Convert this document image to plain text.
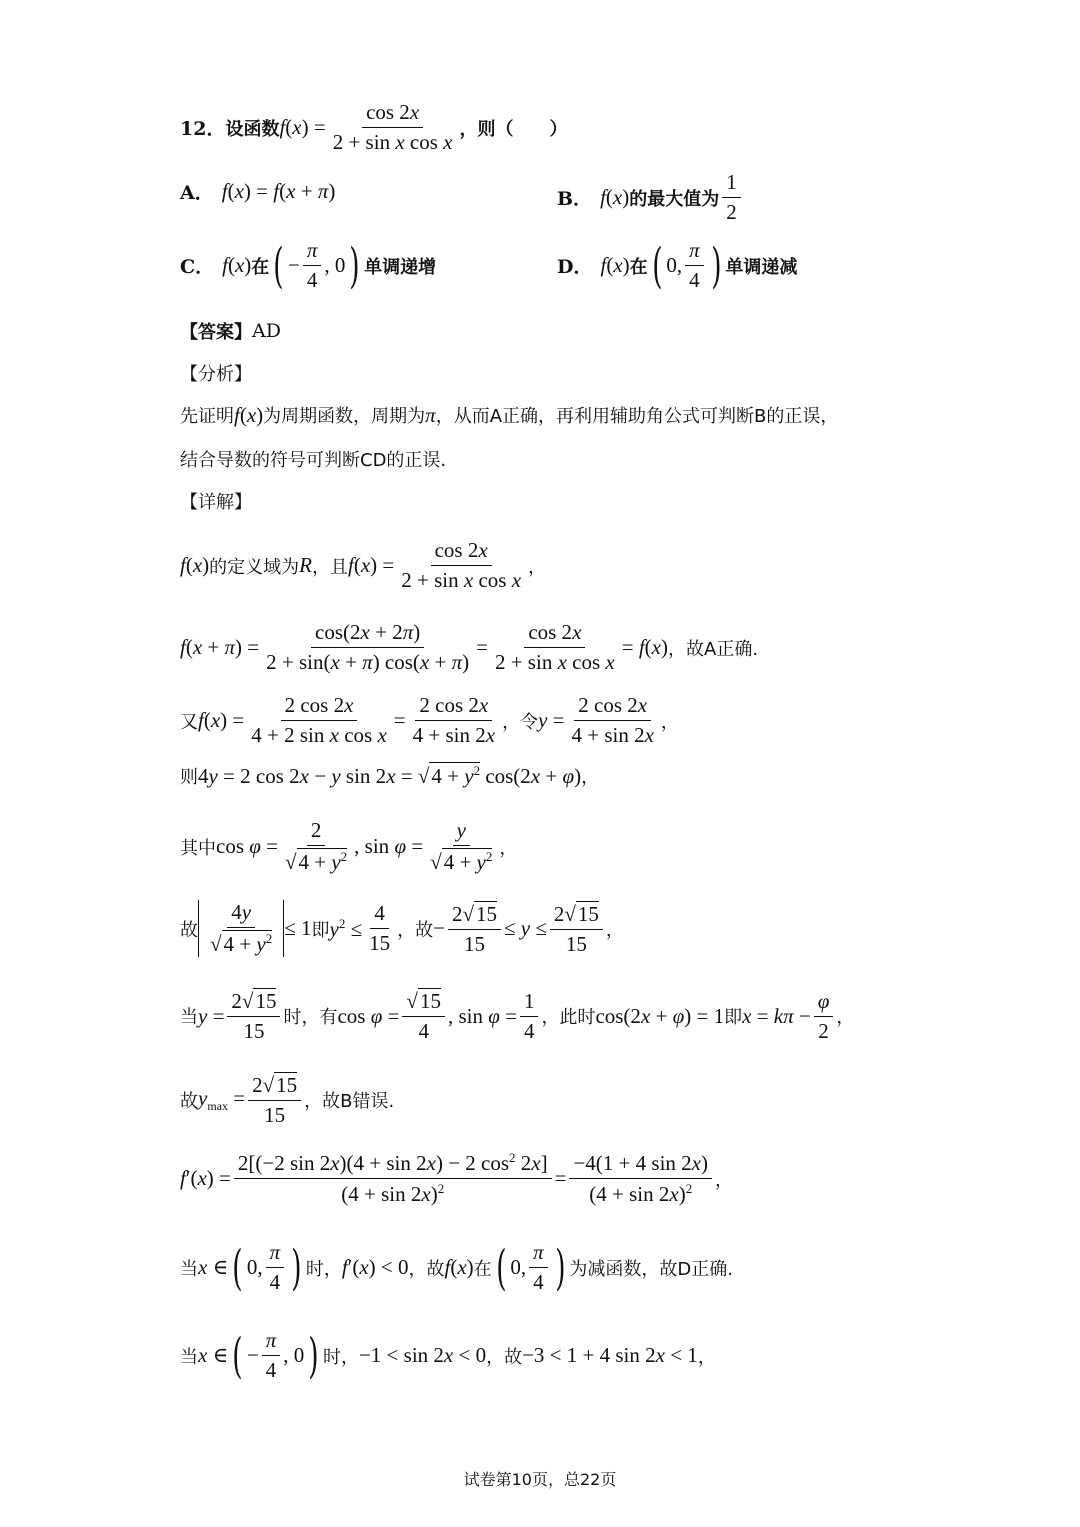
12． 设函数 $f(x) = \frac{\cos 2x}{\text{2 + sin x cos x}}$ ，则（　　）
A． f(x) = f(x + π)	B． f(x) 的最大值为 $\frac{1}{2}$
C． f(x) 在 ( − $\frac{\pi}{4}$ , 0 ) 单调递增	D． f(x) 在 ( 0, $\frac{\pi}{4}$ ) 单调递减
【答案】 AD
【分析】
先证明 f(x) 为周期函数，周期为 π ，从而A正确，再利用辅助角公式可判断B的正误，
结合导数的符号可判断CD的正误.
【详解】
f(x) 的定义域为 R ，且 $f(x) = \frac{\cos 2x}{\text{2 + sin x cos x}}$ ，
$f(x + \pi) = \frac{\cos(2x + 2\pi)}{2 + \sin(x + \pi) \cos(x + \pi)} = \frac{\cos 2x}{\text{2 + sin x cos x}} = f(x)$ ，故A正确.
又 $f(x) = \frac{2 \cos 2x}{\text{4 + 2 sin x cos x}} = \frac{2 \cos 2x}{4 + \sin 2x}$ ，令 $y = \frac{2 \cos 2x}{4 + \sin 2x}$ ，
则 4y = 2 cos 2x − y $\sin 2x = √4 + y^2$ cos(2x + φ) ，
其中 $\cos \varphi = \frac{2}{√4 + y^2}$ , $\sin \varphi = \frac{y}{√4 + y^2}$ ，
故 $\frac{4y}{√4 + y^2} \le 1$ 即 $y^2 \le \frac{4}{15}$ ，故 − $\frac{2√15}{15} \le y \le \frac{2√15}{15}$ ，
当 $y = \frac{2√15}{15}$ 时，有 $\cos \varphi = \frac{√15}{4}$ , $\sin \varphi = \frac{1}{4}$ ，此时 cos(2x + φ) = 1 即 $x = k\pi - \frac{\varphi}{2}$ ，
故 $y_{max} = \frac{2√15}{15}$ ，故B错误.
$f'(x) = \frac{2[(-2 \sin 2x)(4 + \sin 2x) - 2 \cos^2 2x]}{(4 + \sin 2x)^2} = \frac{-4(1 + 4 \sin 2x)}{(4 + \sin 2x)^2}$ ，
当 x ∈ ( 0, $\frac{\pi}{4}$ ) 时， f′(x) < 0 ，故 f(x) 在 ( 0, $\frac{\pi}{4}$ ) 为减函数，故D正确.
当 x ∈ ( − $\frac{\pi}{4}$ , 0 ) 时， −1 < sin 2x < 0 ，故 −3 < 1 + 4 sin 2x < 1 ，
试卷第10页，总22页
